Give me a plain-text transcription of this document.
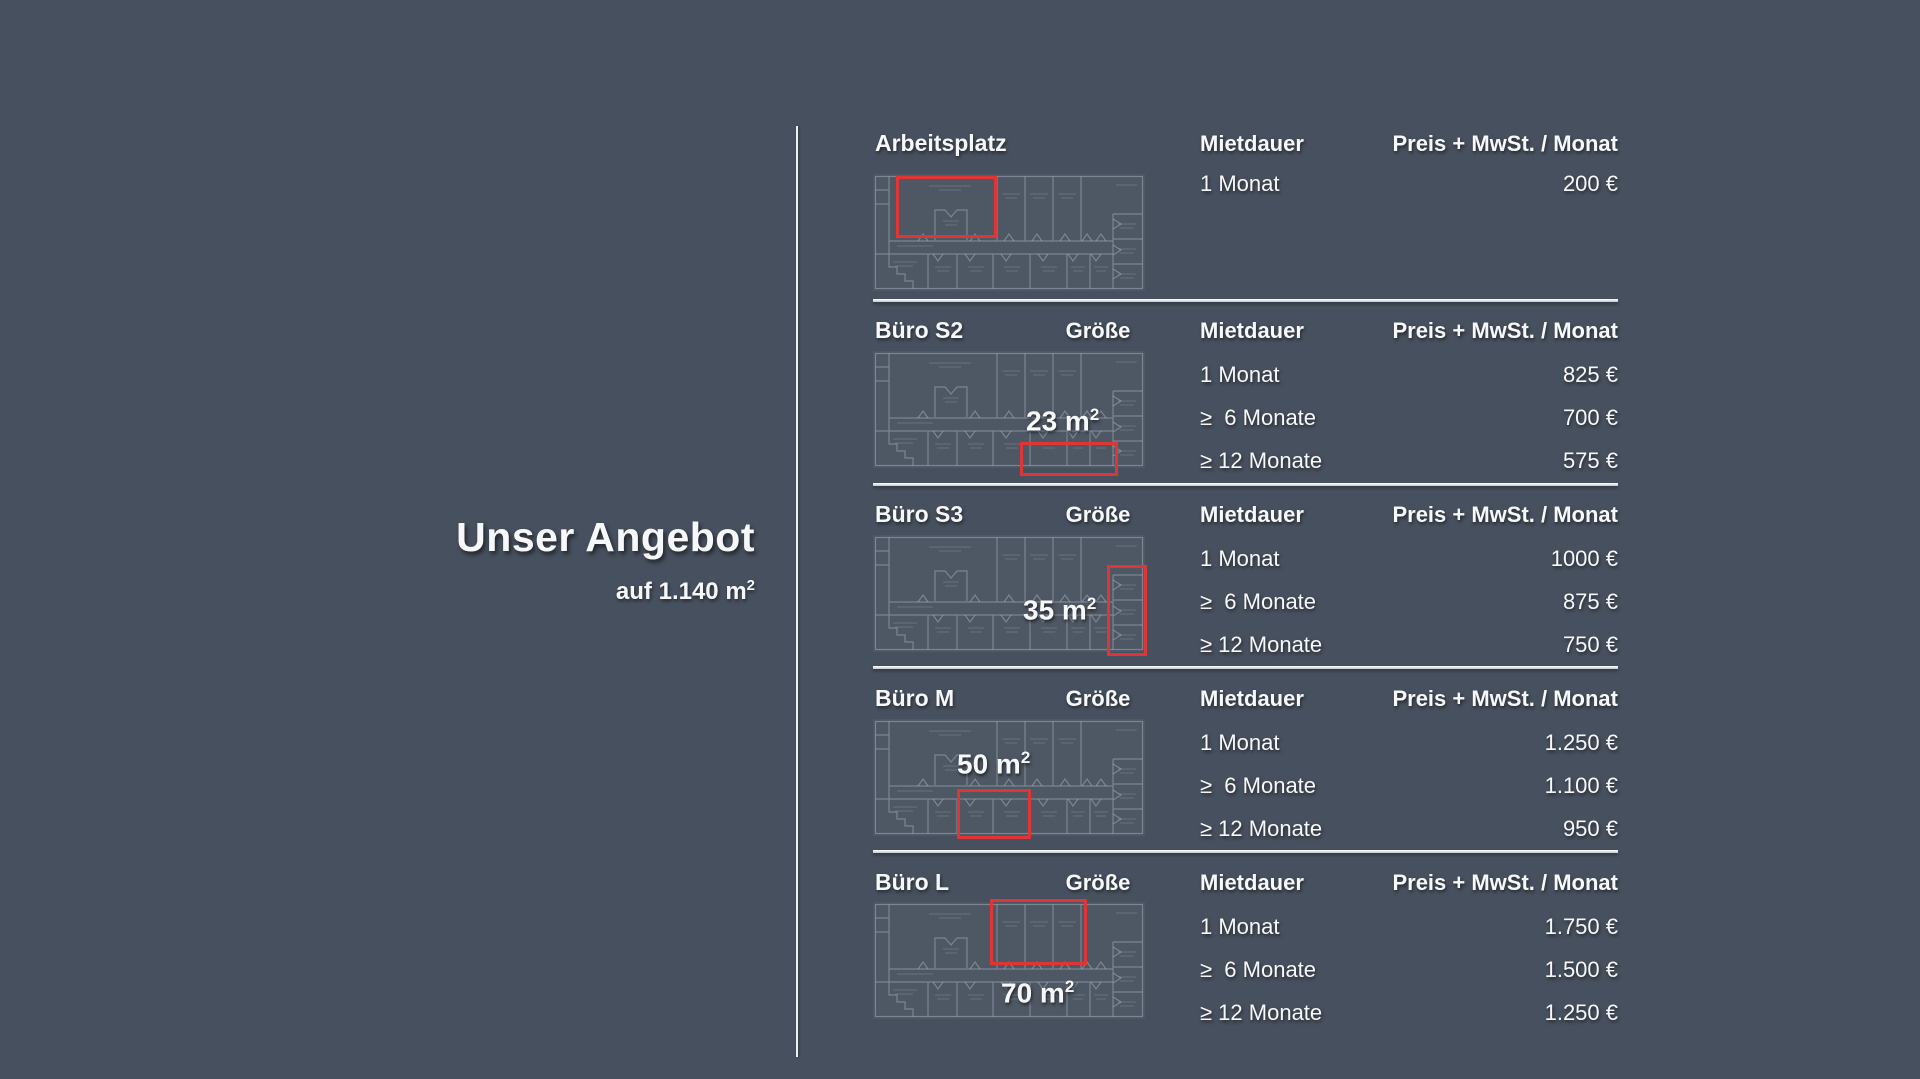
Unser Angebot
auf 1.140 $m^2$
Arbeitsplatz	Mietdauer	Preis + MwSt. / Monat
1 Monat	200 €
Büro S2	Größe	Mietdauer	Preis + MwSt. / Monat
1 Monat	825 €
≥  6 Monate	700 €
≥ 12 Monate	575 €
23 $m^2$
Büro S3	Größe	Mietdauer	Preis + MwSt. / Monat
1 Monat	1000 €
≥  6 Monate	875 €
≥ 12 Monate	750 €
35 $m^2$
Büro M	Größe	Mietdauer	Preis + MwSt. / Monat
1 Monat	1.250 €
≥  6 Monate	1.100 €
≥ 12 Monate	950 €
50 $m^2$
Büro L	Größe	Mietdauer	Preis + MwSt. / Monat
1 Monat	1.750 €
≥  6 Monate	1.500 €
≥ 12 Monate	1.250 €
70 $m^2$
